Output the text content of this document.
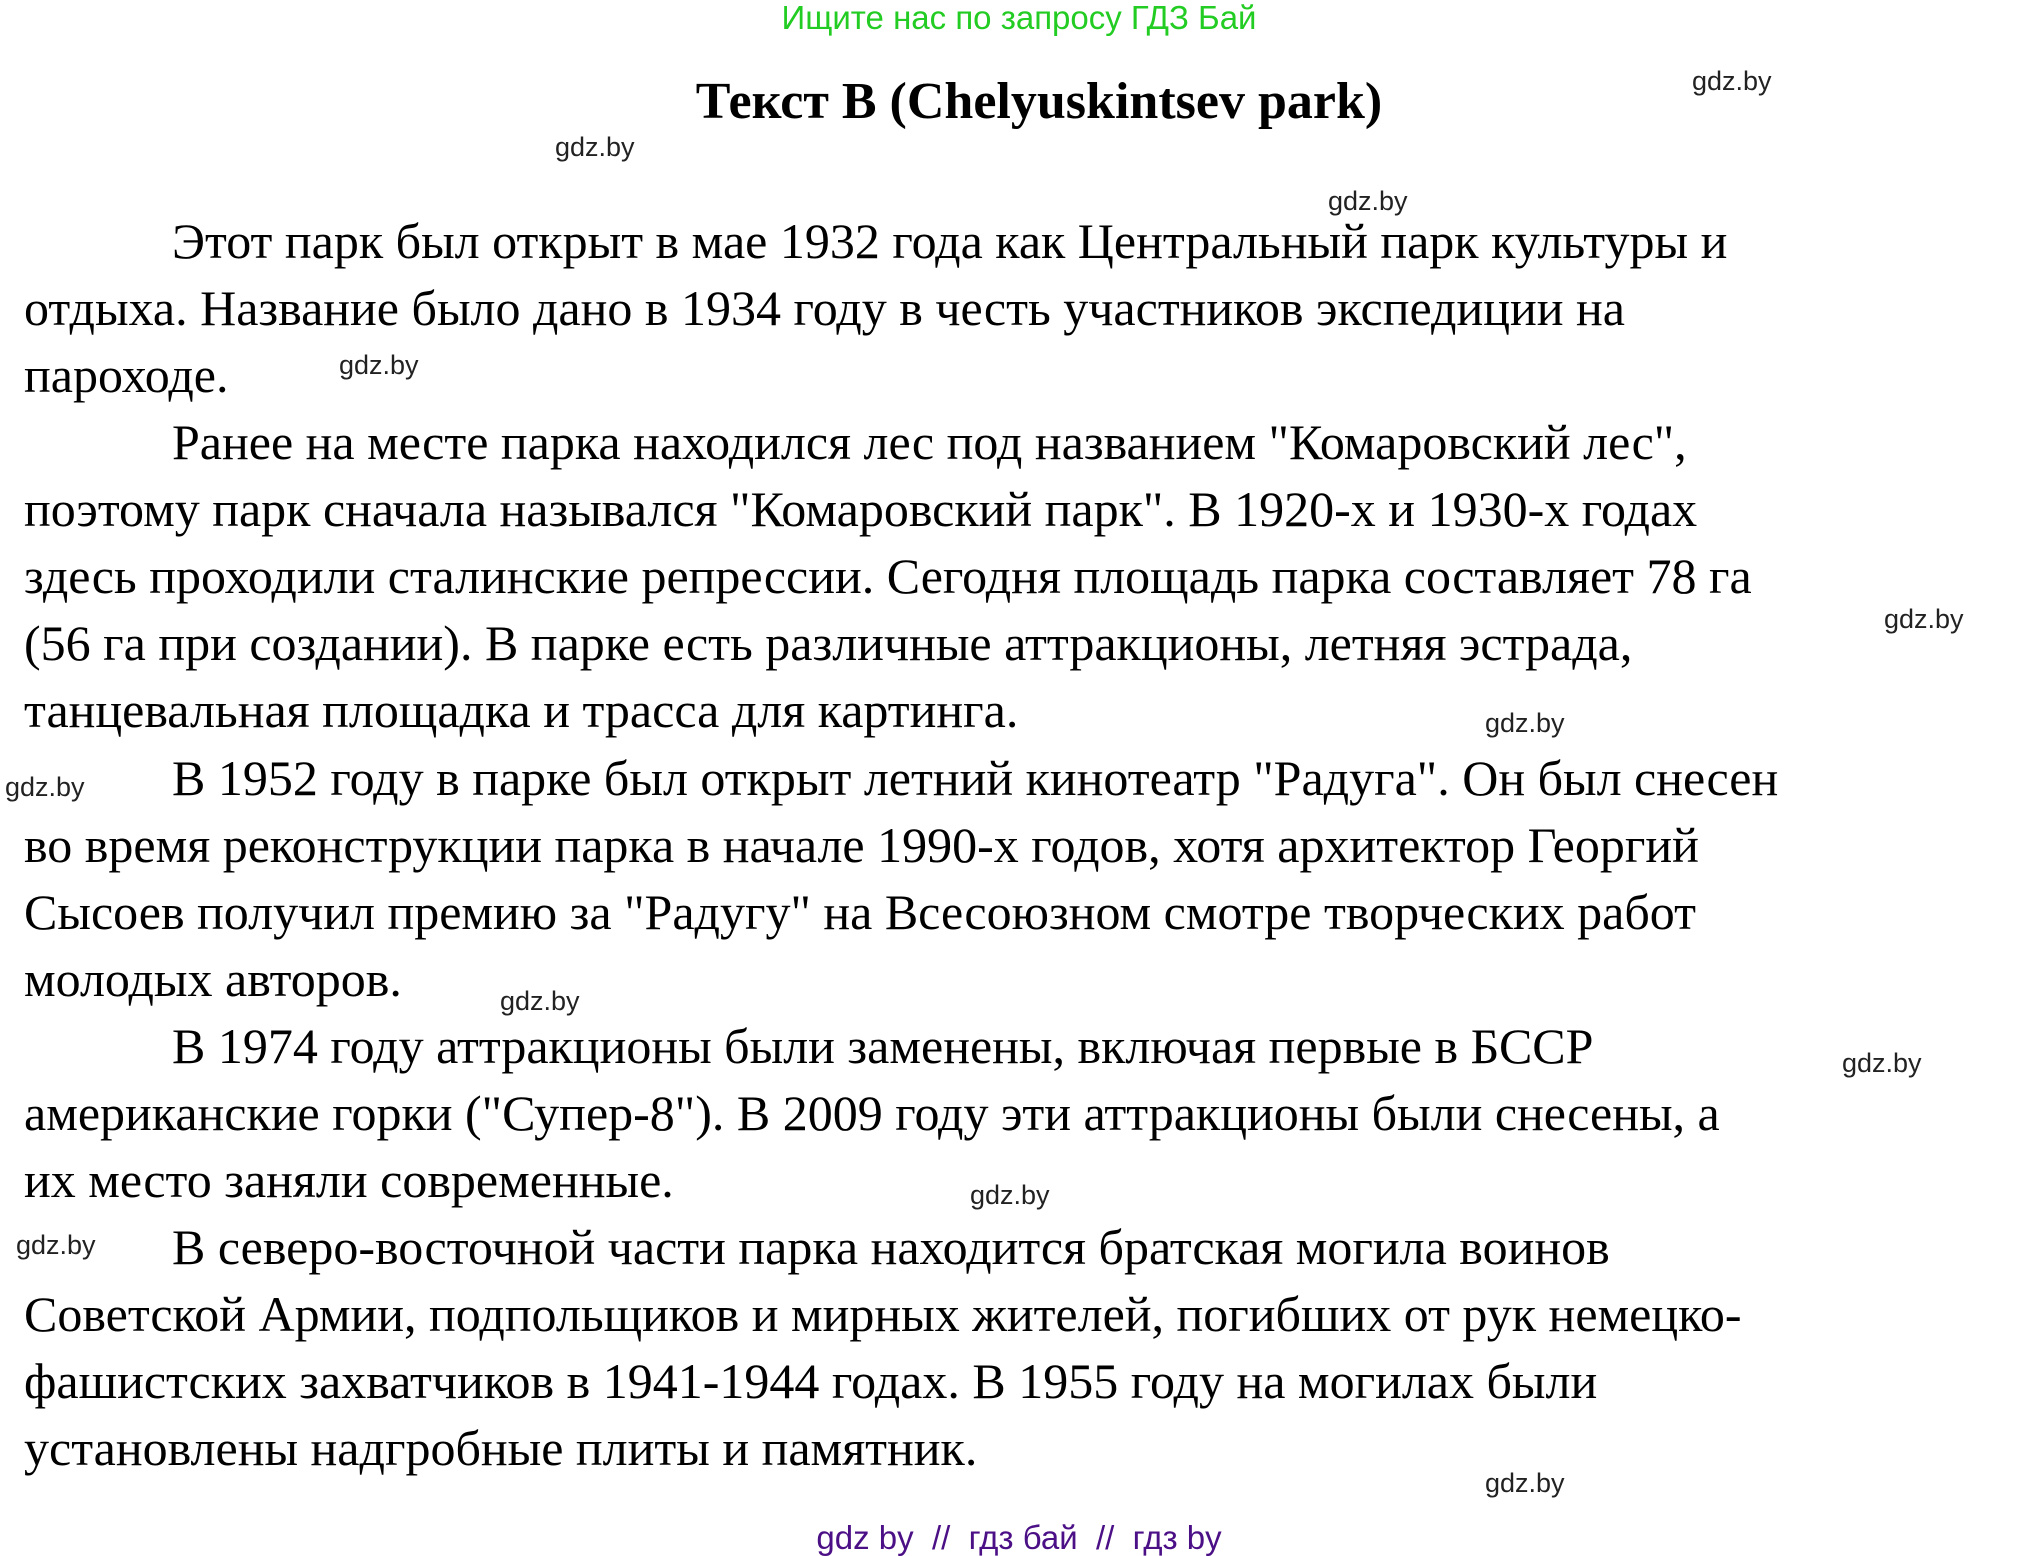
Ищите нас по запросу ГДЗ Бай
Текст B (Chelyuskintsev park)
Этот парк был открыт в мае 1932 года как Центральный парк культуры и
отдыха. Название было дано в 1934 году в честь участников экспедиции на
пароходе.
Ранее на месте парка находился лес под названием "Комаровский лес",
поэтому парк сначала назывался "Комаровский парк". В 1920-х и 1930-х годах
здесь проходили сталинские репрессии. Сегодня площадь парка составляет 78 га
(56 га при создании). В парке есть различные аттракционы, летняя эстрада,
танцевальная площадка и трасса для картинга.
В 1952 году в парке был открыт летний кинотеатр "Радуга". Он был снесен
во время реконструкции парка в начале 1990-х годов, хотя архитектор Георгий
Сысоев получил премию за "Радугу" на Всесоюзном смотре творческих работ
молодых авторов.
В 1974 году аттракционы были заменены, включая первые в БССР
американские горки ("Супер-8"). В 2009 году эти аттракционы были снесены, а
их место заняли современные.
В северо-восточной части парка находится братская могила воинов
Советской Армии, подпольщиков и мирных жителей, погибших от рук немецко-
фашистских захватчиков в 1941-1944 годах. В 1955 году на могилах были
установлены надгробные плиты и памятник.
gdz.by
gdz.by
gdz.by
gdz.by
gdz.by
gdz.by
gdz.by
gdz.by
gdz.by
gdz.by
gdz.by
gdz.by
gdz by  //  гдз бай  //  гдз by
